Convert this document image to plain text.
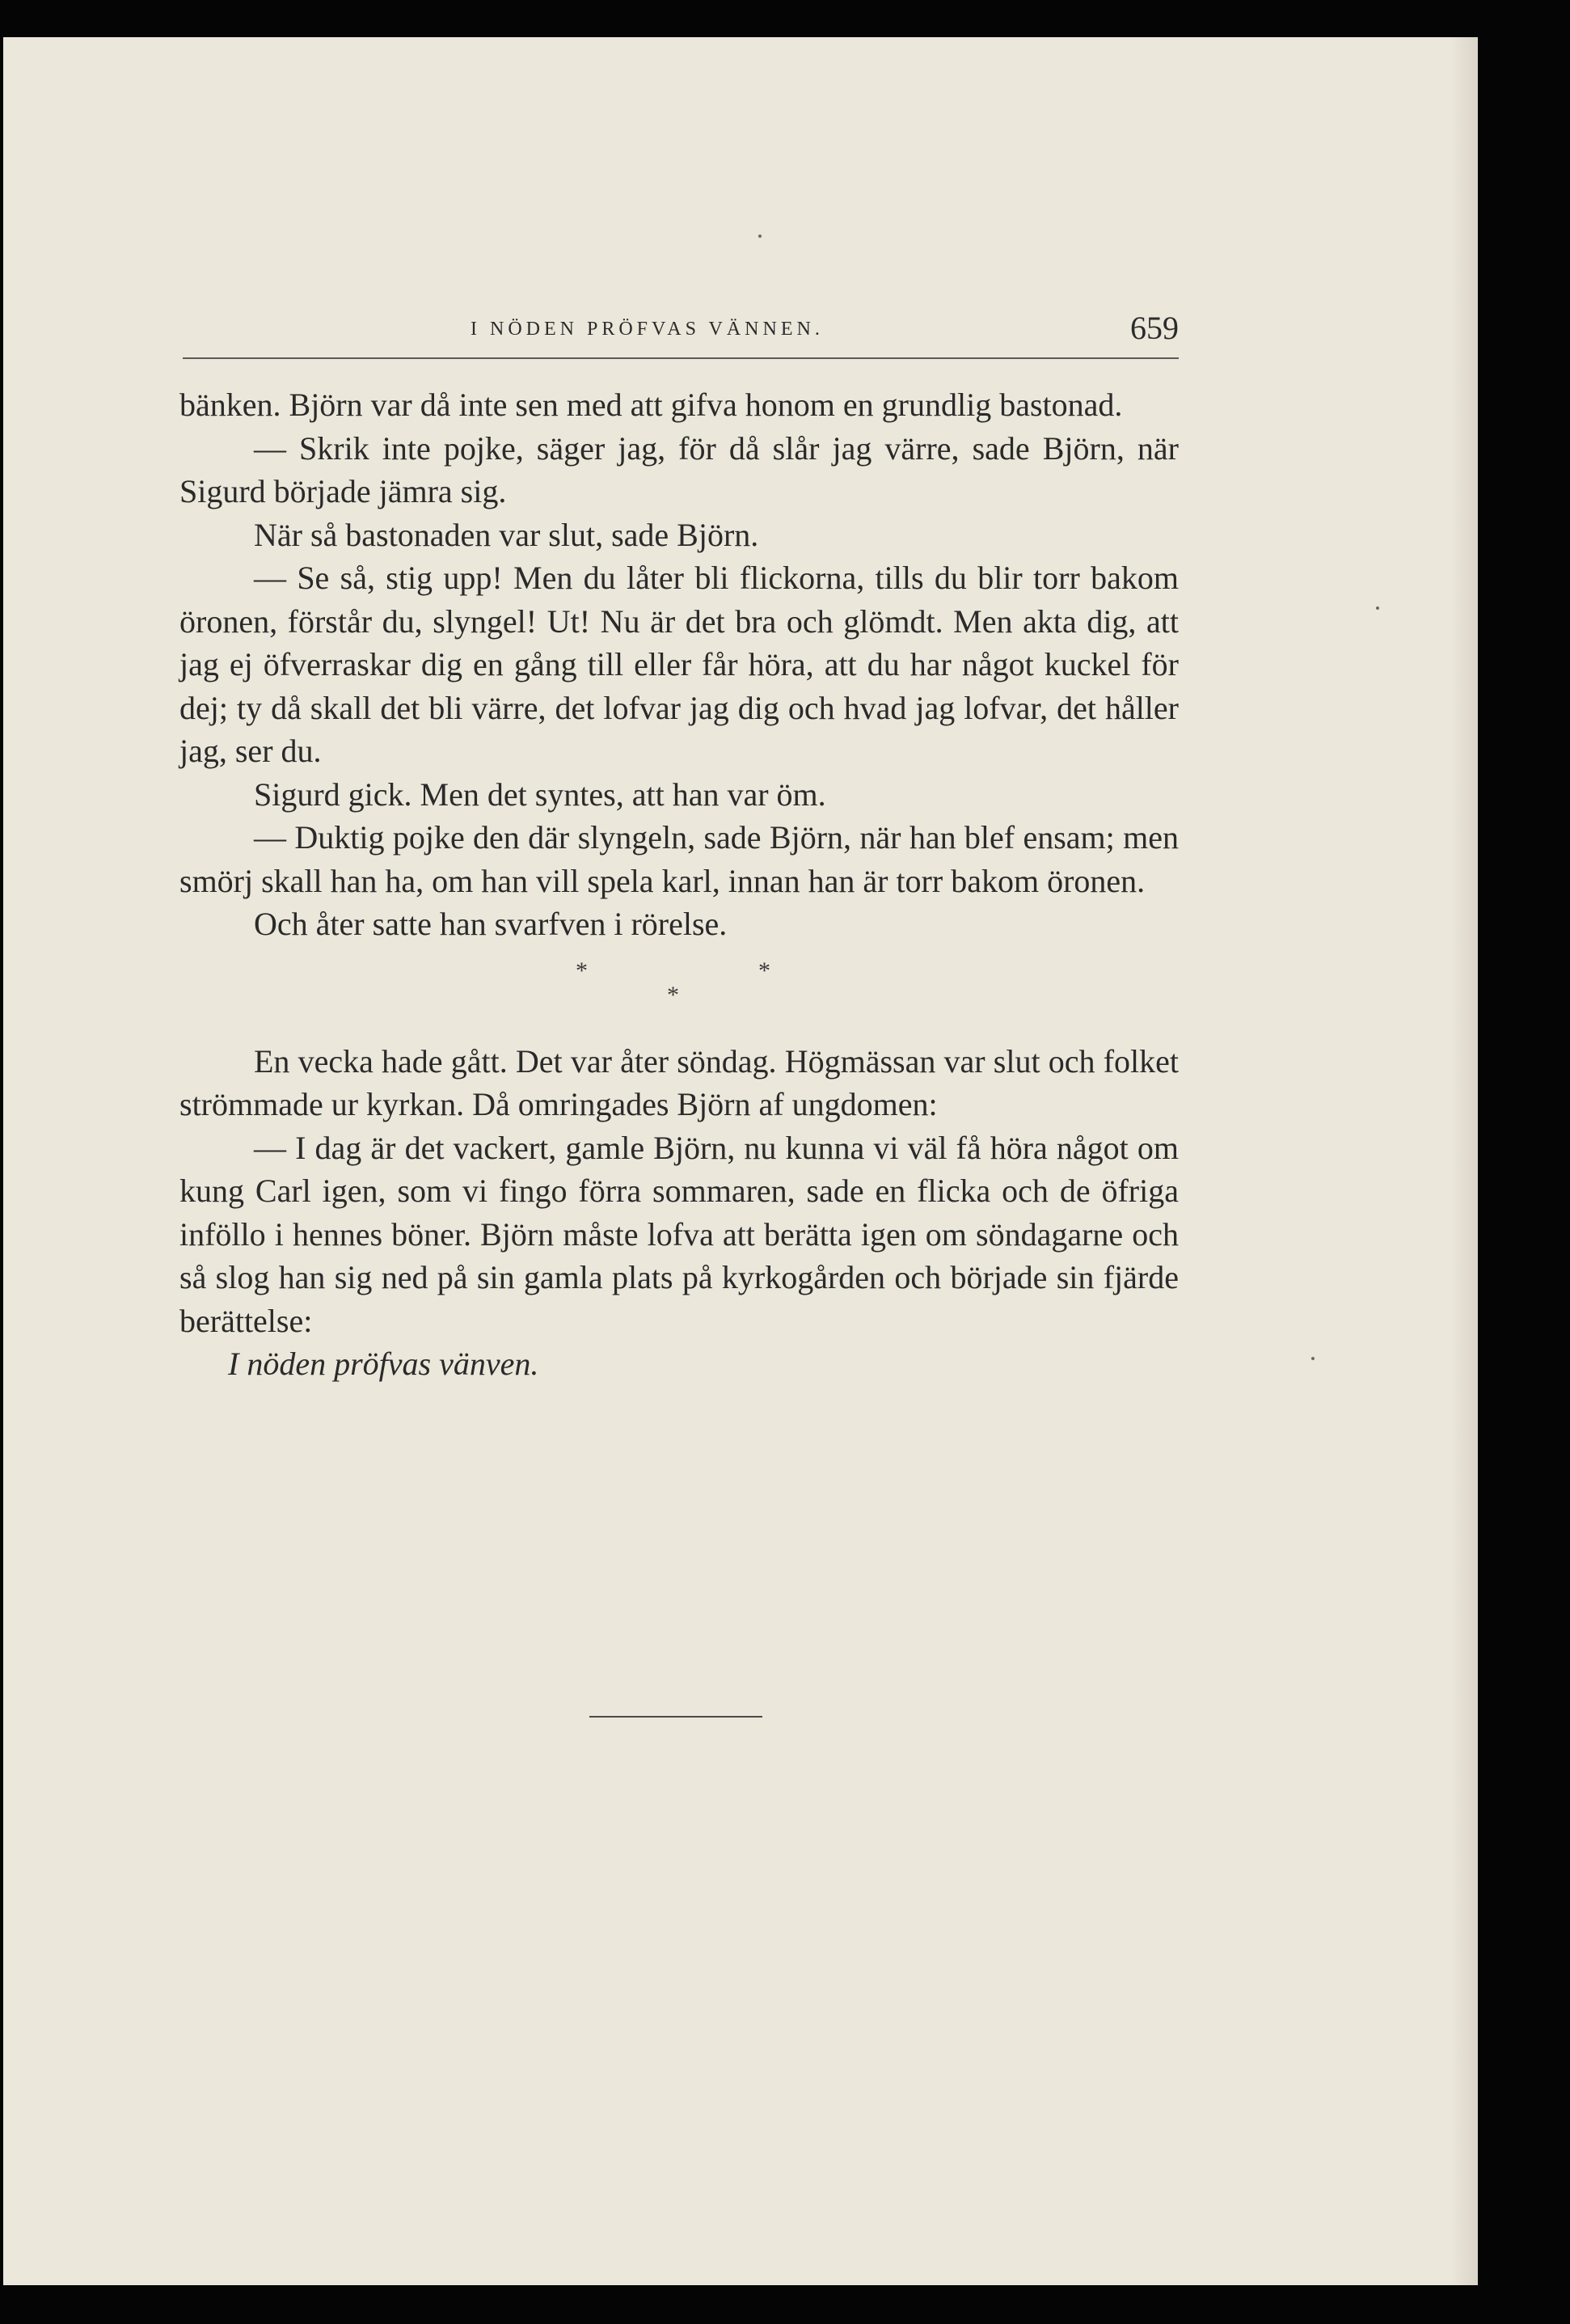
I NÖDEN PRÖFVAS VÄNNEN.	659

bänken. Björn var då inte sen med att gifva honom en grundlig bastonad.

— Skrik inte pojke, säger jag, för då slår jag värre, sade Björn, när Sigurd började jämra sig.

När så bastonaden var slut, sade Björn.

— Se så, stig upp! Men du låter bli flickorna, tills du blir torr bakom öronen, förstår du, slyngel! Ut! Nu är det bra och glömdt. Men akta dig, att jag ej öfverraskar dig en gång till eller får höra, att du har något kuckel för dej; ty då skall det bli värre, det lofvar jag dig och hvad jag lofvar, det håller jag, ser du.

Sigurd gick. Men det syntes, att han var öm.

— Duktig pojke den där slyngeln, sade Björn, när han blef ensam; men smörj skall han ha, om han vill spela karl, innan han är torr bakom öronen.

Och åter satte han svarfven i rörelse.

*	*
*

En vecka hade gått. Det var åter söndag. Högmässan var slut och folket strömmade ur kyrkan. Då omringades Björn af ungdomen:

— I dag är det vackert, gamle Björn, nu kunna vi väl få höra något om kung Carl igen, som vi fingo förra sommaren, sade en flicka och de öfriga inföllo i hennes böner. Björn måste lofva att berätta igen om söndagarne och så slog han sig ned på sin gamla plats på kyrkogården och började sin fjärde berättelse:

I nöden pröfvas vänven.
